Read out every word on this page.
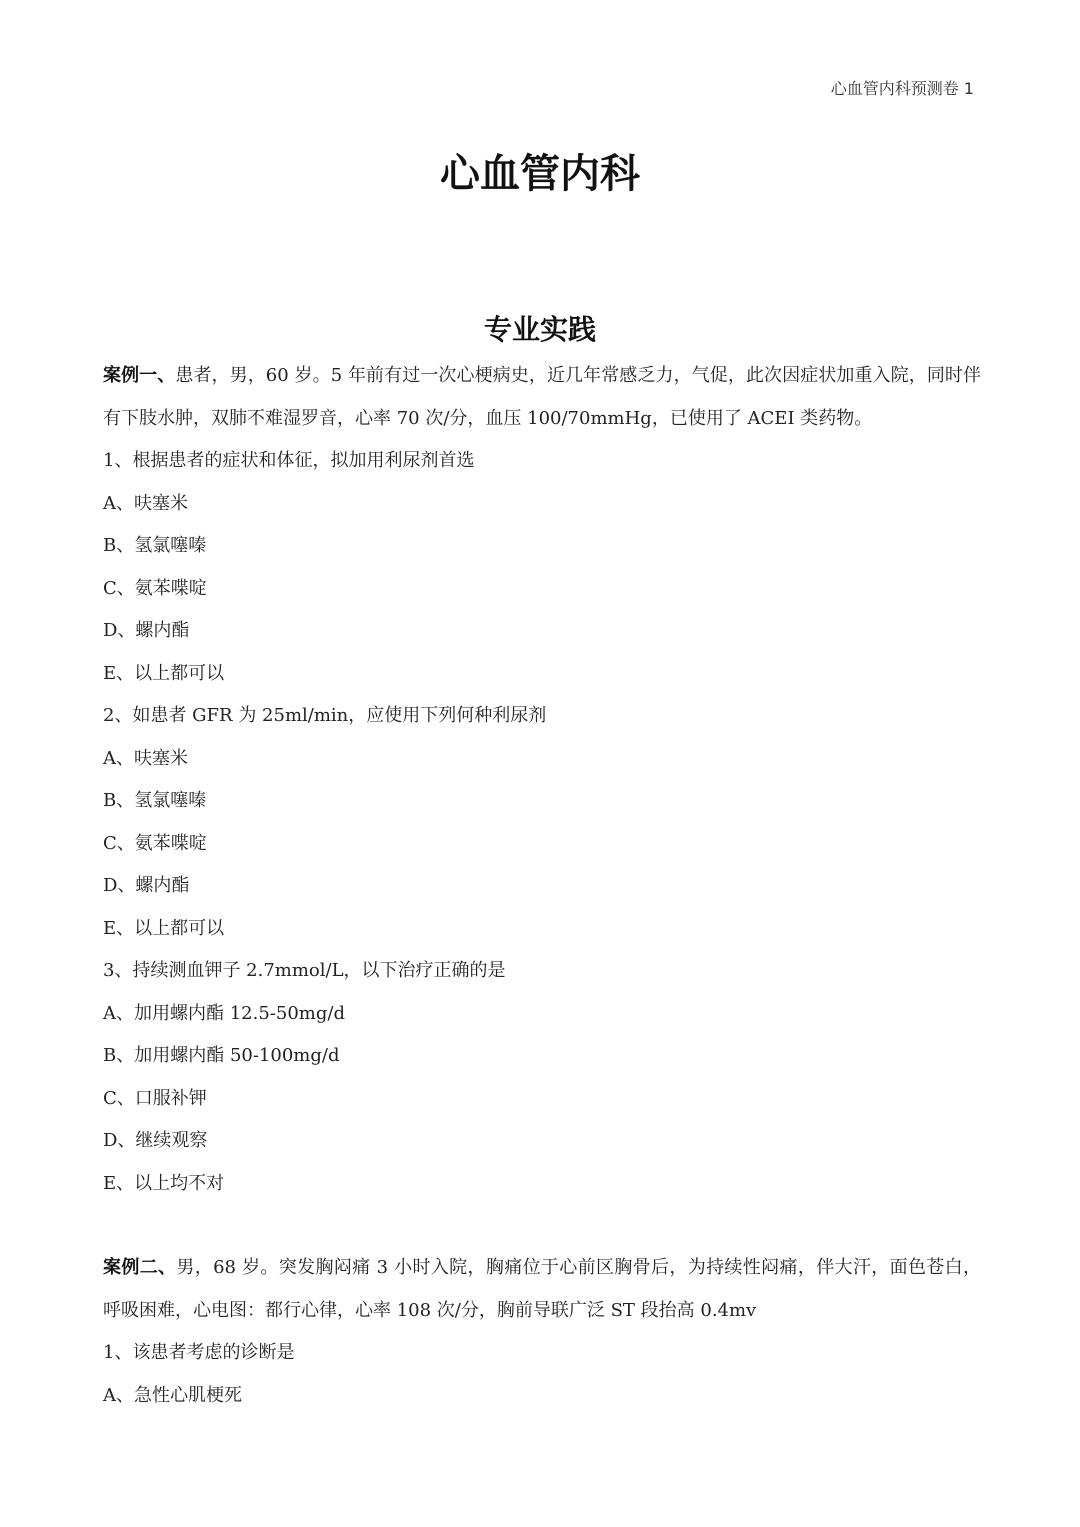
心血管内科预测卷 1
心血管内科
专业实践

案例一、患者，男，60 岁。5 年前有过一次心梗病史，近几年常感乏力，气促，此次因症状加重入院，同时伴有下肢水肿，双肺不难湿罗音，心率 70 次/分，血压 100/70mmHg，已使用了 ACEI 类药物。

1、根据患者的症状和体征，拟加用利尿剂首选

A、呋塞米

B、氢氯噻嗪

C、氨苯喋啶

D、螺内酯

E、以上都可以

2、如患者 GFR 为 25ml/min，应使用下列何种利尿剂

A、呋塞米

B、氢氯噻嗪

C、氨苯喋啶

D、螺内酯

E、以上都可以

3、持续测血钾子 2.7mmol/L，以下治疗正确的是

A、加用螺内酯 12.5-50mg/d

B、加用螺内酯 50-100mg/d

C、口服补钾

D、继续观察

E、以上均不对

案例二、男，68 岁。突发胸闷痛 3 小时入院，胸痛位于心前区胸骨后，为持续性闷痛，伴大汗，面色苍白，呼吸困难，心电图：都行心律，心率 108 次/分，胸前导联广泛 ST 段抬高 0.4mv

1、该患者考虑的诊断是

A、急性心肌梗死
